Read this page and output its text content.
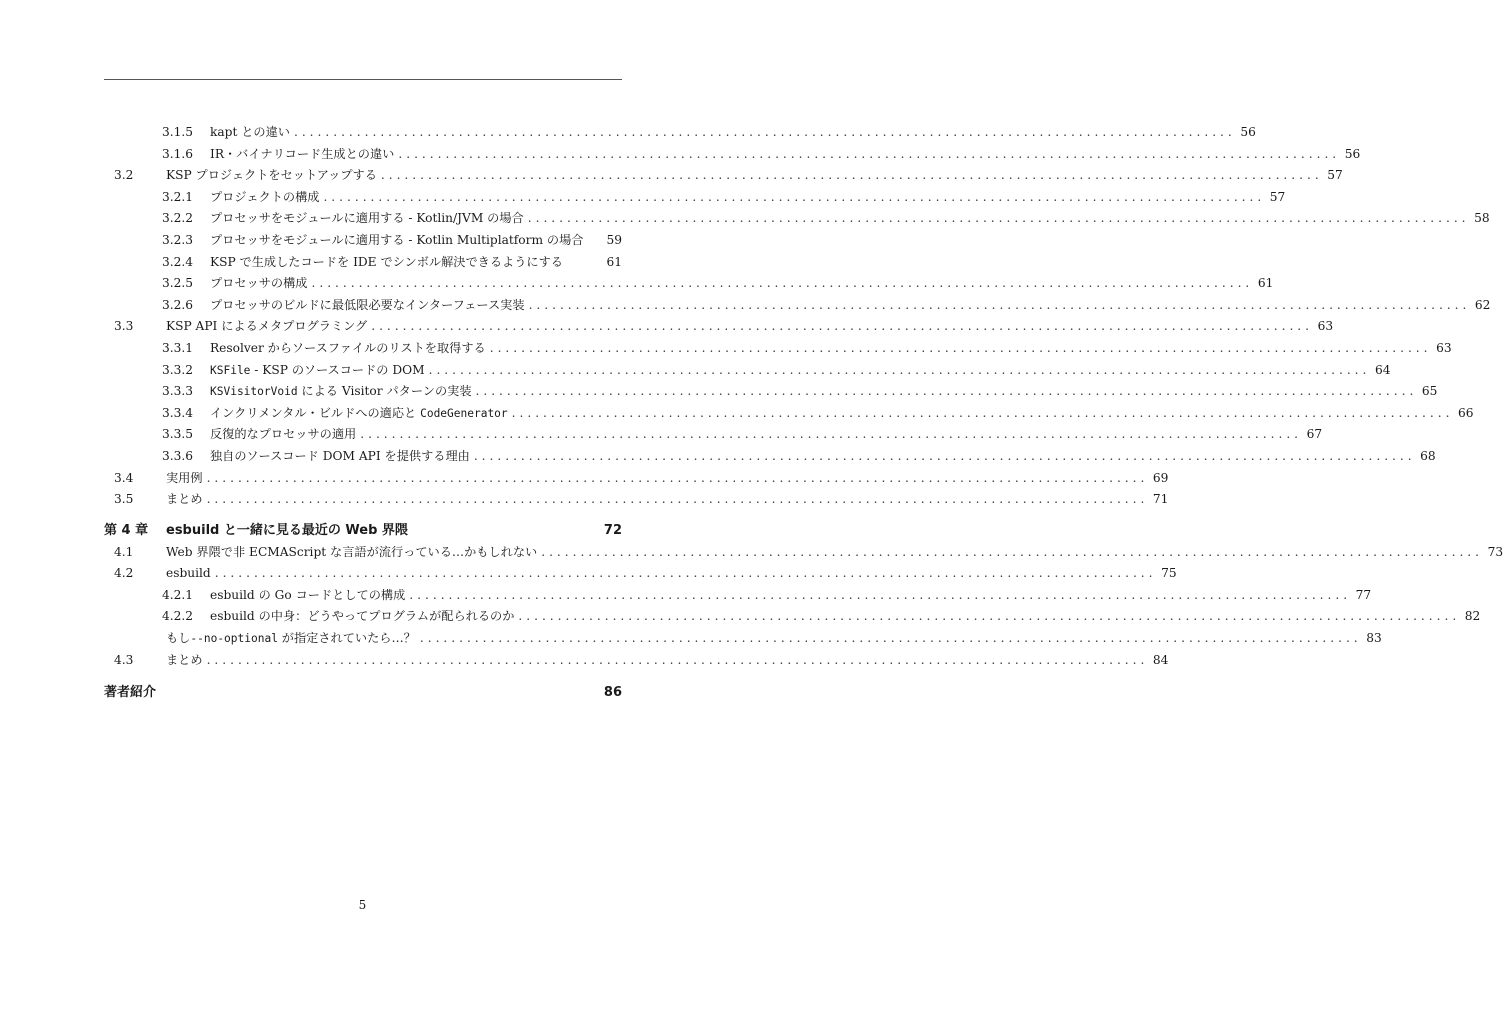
3.1.5 kapt との違い . . . . . . . . . . . . . . . . . . . . . . . . . . . . . . . . . . . . . . . . . . . . . . . . . . . . . . . . . . . . . . . . . . . . . . . . . . . . . . . . . . . . . . . . . . . . . . . . . . . . . . . . . . . . . . . . . . . . . . . . 56
3.1.6 IR・バイナリコード生成との違い . . . . . . . . . . . . . . . . . . . . . . . . . . . . . . . . . . . . . . . . . . . . . . . . . . . . . . . . . . . . . . . . . . . . . . . . . . . . . . . . . . . . . . . . . . . . . . . . . . . . . . . . . . . . . . . . . . . . . . . . 56
3.2	KSP プロジェクトをセットアップする . . . . . . . . . . . . . . . . . . . . . . . . . . . . . . . . . . . . . . . . . . . . . . . . . . . . . . . . . . . . . . . . . . . . . . . . . . . . . . . . . . . . . . . . . . . . . . . . . . . . . . . . . . . . . . . . . . . . . . . . 57
3.2.1 プロジェクトの構成 . . . . . . . . . . . . . . . . . . . . . . . . . . . . . . . . . . . . . . . . . . . . . . . . . . . . . . . . . . . . . . . . . . . . . . . . . . . . . . . . . . . . . . . . . . . . . . . . . . . . . . . . . . . . . . . . . . . . . . . . 57
3.2.2 プロセッサをモジュールに適用する - Kotlin/JVM の場合 . . . . . . . . . . . . . . . . . . . . . . . . . . . . . . . . . . . . . . . . . . . . . . . . . . . . . . . . . . . . . . . . . . . . . . . . . . . . . . . . . . . . . . . . . . . . . . . . . . . . . . . . . . . . . . . . . . . . . . . . 58
3.2.3 プロセッサをモジュールに適用する - Kotlin Multiplatform の場合	59
3.2.4 KSP で生成したコードを IDE でシンボル解決できるようにする	61
3.2.5 プロセッサの構成 . . . . . . . . . . . . . . . . . . . . . . . . . . . . . . . . . . . . . . . . . . . . . . . . . . . . . . . . . . . . . . . . . . . . . . . . . . . . . . . . . . . . . . . . . . . . . . . . . . . . . . . . . . . . . . . . . . . . . . . . 61
3.2.6 プロセッサのビルドに最低限必要なインターフェース実装 . . . . . . . . . . . . . . . . . . . . . . . . . . . . . . . . . . . . . . . . . . . . . . . . . . . . . . . . . . . . . . . . . . . . . . . . . . . . . . . . . . . . . . . . . . . . . . . . . . . . . . . . . . . . . . . . . . . . . . . . 62
3.3	KSP API によるメタプログラミング . . . . . . . . . . . . . . . . . . . . . . . . . . . . . . . . . . . . . . . . . . . . . . . . . . . . . . . . . . . . . . . . . . . . . . . . . . . . . . . . . . . . . . . . . . . . . . . . . . . . . . . . . . . . . . . . . . . . . . . . 63
3.3.1 Resolver からソースファイルのリストを取得する . . . . . . . . . . . . . . . . . . . . . . . . . . . . . . . . . . . . . . . . . . . . . . . . . . . . . . . . . . . . . . . . . . . . . . . . . . . . . . . . . . . . . . . . . . . . . . . . . . . . . . . . . . . . . . . . . . . . . . . . 63
3.3.2 KSFile - KSP のソースコードの DOM . . . . . . . . . . . . . . . . . . . . . . . . . . . . . . . . . . . . . . . . . . . . . . . . . . . . . . . . . . . . . . . . . . . . . . . . . . . . . . . . . . . . . . . . . . . . . . . . . . . . . . . . . . . . . . . . . . . . . . . . 64
3.3.3 KSVisitorVoid による Visitor パターンの実装 . . . . . . . . . . . . . . . . . . . . . . . . . . . . . . . . . . . . . . . . . . . . . . . . . . . . . . . . . . . . . . . . . . . . . . . . . . . . . . . . . . . . . . . . . . . . . . . . . . . . . . . . . . . . . . . . . . . . . . . . 65
3.3.4 インクリメンタル・ビルドへの適応と CodeGenerator . . . . . . . . . . . . . . . . . . . . . . . . . . . . . . . . . . . . . . . . . . . . . . . . . . . . . . . . . . . . . . . . . . . . . . . . . . . . . . . . . . . . . . . . . . . . . . . . . . . . . . . . . . . . . . . . . . . . . . . . 66
3.3.5 反復的なプロセッサの適用 . . . . . . . . . . . . . . . . . . . . . . . . . . . . . . . . . . . . . . . . . . . . . . . . . . . . . . . . . . . . . . . . . . . . . . . . . . . . . . . . . . . . . . . . . . . . . . . . . . . . . . . . . . . . . . . . . . . . . . . . 67
3.3.6 独自のソースコード DOM API を提供する理由 . . . . . . . . . . . . . . . . . . . . . . . . . . . . . . . . . . . . . . . . . . . . . . . . . . . . . . . . . . . . . . . . . . . . . . . . . . . . . . . . . . . . . . . . . . . . . . . . . . . . . . . . . . . . . . . . . . . . . . . . 68
3.4	実用例 . . . . . . . . . . . . . . . . . . . . . . . . . . . . . . . . . . . . . . . . . . . . . . . . . . . . . . . . . . . . . . . . . . . . . . . . . . . . . . . . . . . . . . . . . . . . . . . . . . . . . . . . . . . . . . . . . . . . . . . . 69
3.5	まとめ . . . . . . . . . . . . . . . . . . . . . . . . . . . . . . . . . . . . . . . . . . . . . . . . . . . . . . . . . . . . . . . . . . . . . . . . . . . . . . . . . . . . . . . . . . . . . . . . . . . . . . . . . . . . . . . . . . . . . . . . 71
第 4 章 esbuild と一緒に見る最近の Web 界隈	72
4.1	Web 界隈で非 ECMAScript な言語が流行っている…かもしれない . . . . . . . . . . . . . . . . . . . . . . . . . . . . . . . . . . . . . . . . . . . . . . . . . . . . . . . . . . . . . . . . . . . . . . . . . . . . . . . . . . . . . . . . . . . . . . . . . . . . . . . . . . . . . . . . . . . . . . . . 73
4.2	esbuild . . . . . . . . . . . . . . . . . . . . . . . . . . . . . . . . . . . . . . . . . . . . . . . . . . . . . . . . . . . . . . . . . . . . . . . . . . . . . . . . . . . . . . . . . . . . . . . . . . . . . . . . . . . . . . . . . . . . . . . . 75
4.2.1 esbuild の Go コードとしての構成 . . . . . . . . . . . . . . . . . . . . . . . . . . . . . . . . . . . . . . . . . . . . . . . . . . . . . . . . . . . . . . . . . . . . . . . . . . . . . . . . . . . . . . . . . . . . . . . . . . . . . . . . . . . . . . . . . . . . . . . . 77
4.2.2 esbuild の中身：どうやってプログラムが配られるのか . . . . . . . . . . . . . . . . . . . . . . . . . . . . . . . . . . . . . . . . . . . . . . . . . . . . . . . . . . . . . . . . . . . . . . . . . . . . . . . . . . . . . . . . . . . . . . . . . . . . . . . . . . . . . . . . . . . . . . . . 82
もし--no-optional が指定されていたら…？ . . . . . . . . . . . . . . . . . . . . . . . . . . . . . . . . . . . . . . . . . . . . . . . . . . . . . . . . . . . . . . . . . . . . . . . . . . . . . . . . . . . . . . . . . . . . . . . . . . . . . . . . . . . . . . . . . . . . . . . . 83
4.3	まとめ . . . . . . . . . . . . . . . . . . . . . . . . . . . . . . . . . . . . . . . . . . . . . . . . . . . . . . . . . . . . . . . . . . . . . . . . . . . . . . . . . . . . . . . . . . . . . . . . . . . . . . . . . . . . . . . . . . . . . . . . 84
著者紹介	86
5
